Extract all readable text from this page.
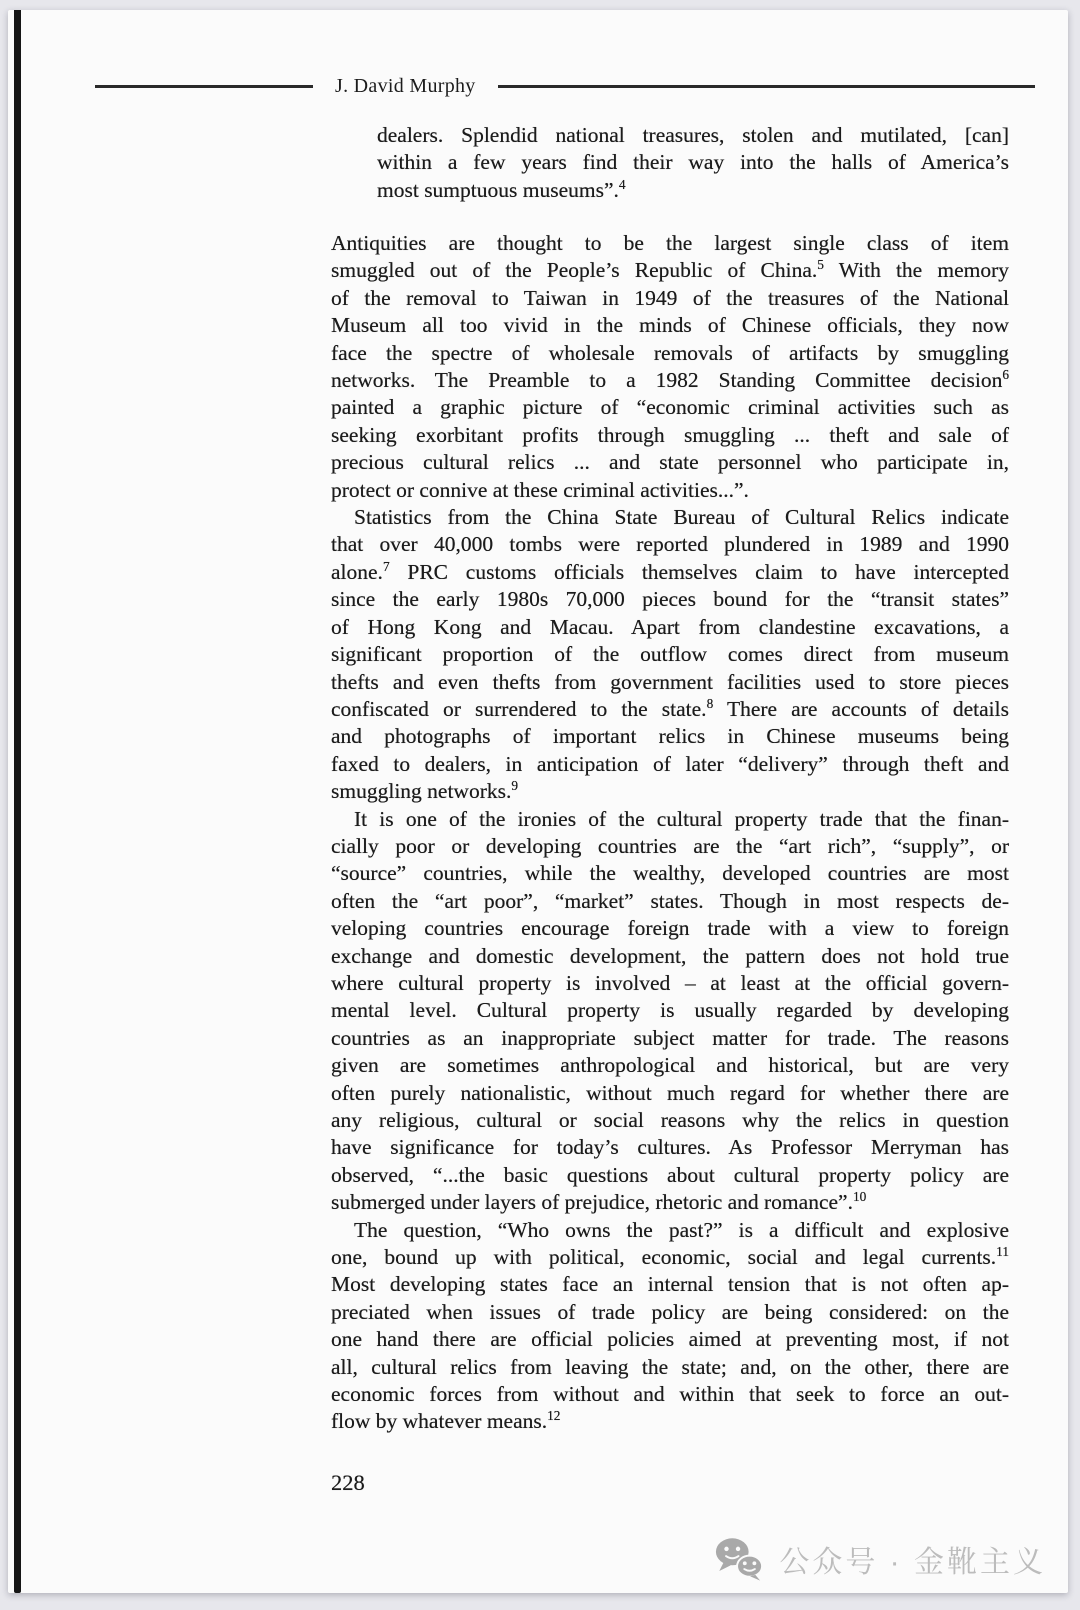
J. David Murphy
dealers. Splendid national treasures, stolen and mutilated, [can]
within a few years find their way into the halls of America’s
most sumptuous museums”.$^4$
Antiquities are thought to be the largest single class of item
smuggled out of the People’s Republic of China.$^5$ With the memory
of the removal to Taiwan in 1949 of the treasures of the National
Museum all too vivid in the minds of Chinese officials, they now
face the spectre of wholesale removals of artifacts by smuggling
networks. The Preamble to a 1982 Standing Committee decision$^6$
painted a graphic picture of “economic criminal activities such as
seeking exorbitant profits through smuggling ... theft and sale of
precious cultural relics ... and state personnel who participate in,
protect or connive at these criminal activities...”.
Statistics from the China State Bureau of Cultural Relics indicate
that over 40,000 tombs were reported plundered in 1989 and 1990
alone.$^7$ PRC customs officials themselves claim to have intercepted
since the early 1980s 70,000 pieces bound for the “transit states”
of Hong Kong and Macau. Apart from clandestine excavations, a
significant proportion of the outflow comes direct from museum
thefts and even thefts from government facilities used to store pieces
confiscated or surrendered to the state.$^8$ There are accounts of details
and photographs of important relics in Chinese museums being
faxed to dealers, in anticipation of later “delivery” through theft and
smuggling networks.$^9$
It is one of the ironies of the cultural property trade that the finan-
cially poor or developing countries are the “art rich”, “supply”, or
“source” countries, while the wealthy, developed countries are most
often the “art poor”, “market” states. Though in most respects de-
veloping countries encourage foreign trade with a view to foreign
exchange and domestic development, the pattern does not hold true
where cultural property is involved – at least at the official govern-
mental level. Cultural property is usually regarded by developing
countries as an inappropriate subject matter for trade. The reasons
given are sometimes anthropological and historical, but are very
often purely nationalistic, without much regard for whether there are
any religious, cultural or social reasons why the relics in question
have significance for today’s cultures. As Professor Merryman has
observed, “...the basic questions about cultural property policy are
submerged under layers of prejudice, rhetoric and romance”.$^{10}$
The question, “Who owns the past?” is a difficult and explosive
one, bound up with political, economic, social and legal currents.$^{11}$
Most developing states face an internal tension that is not often ap-
preciated when issues of trade policy are being considered: on the
one hand there are official policies aimed at preventing most, if not
all, cultural relics from leaving the state; and, on the other, there are
economic forces from without and within that seek to force an out-
flow by whatever means.$^{12}$
228
公众号 · 金靴主义
